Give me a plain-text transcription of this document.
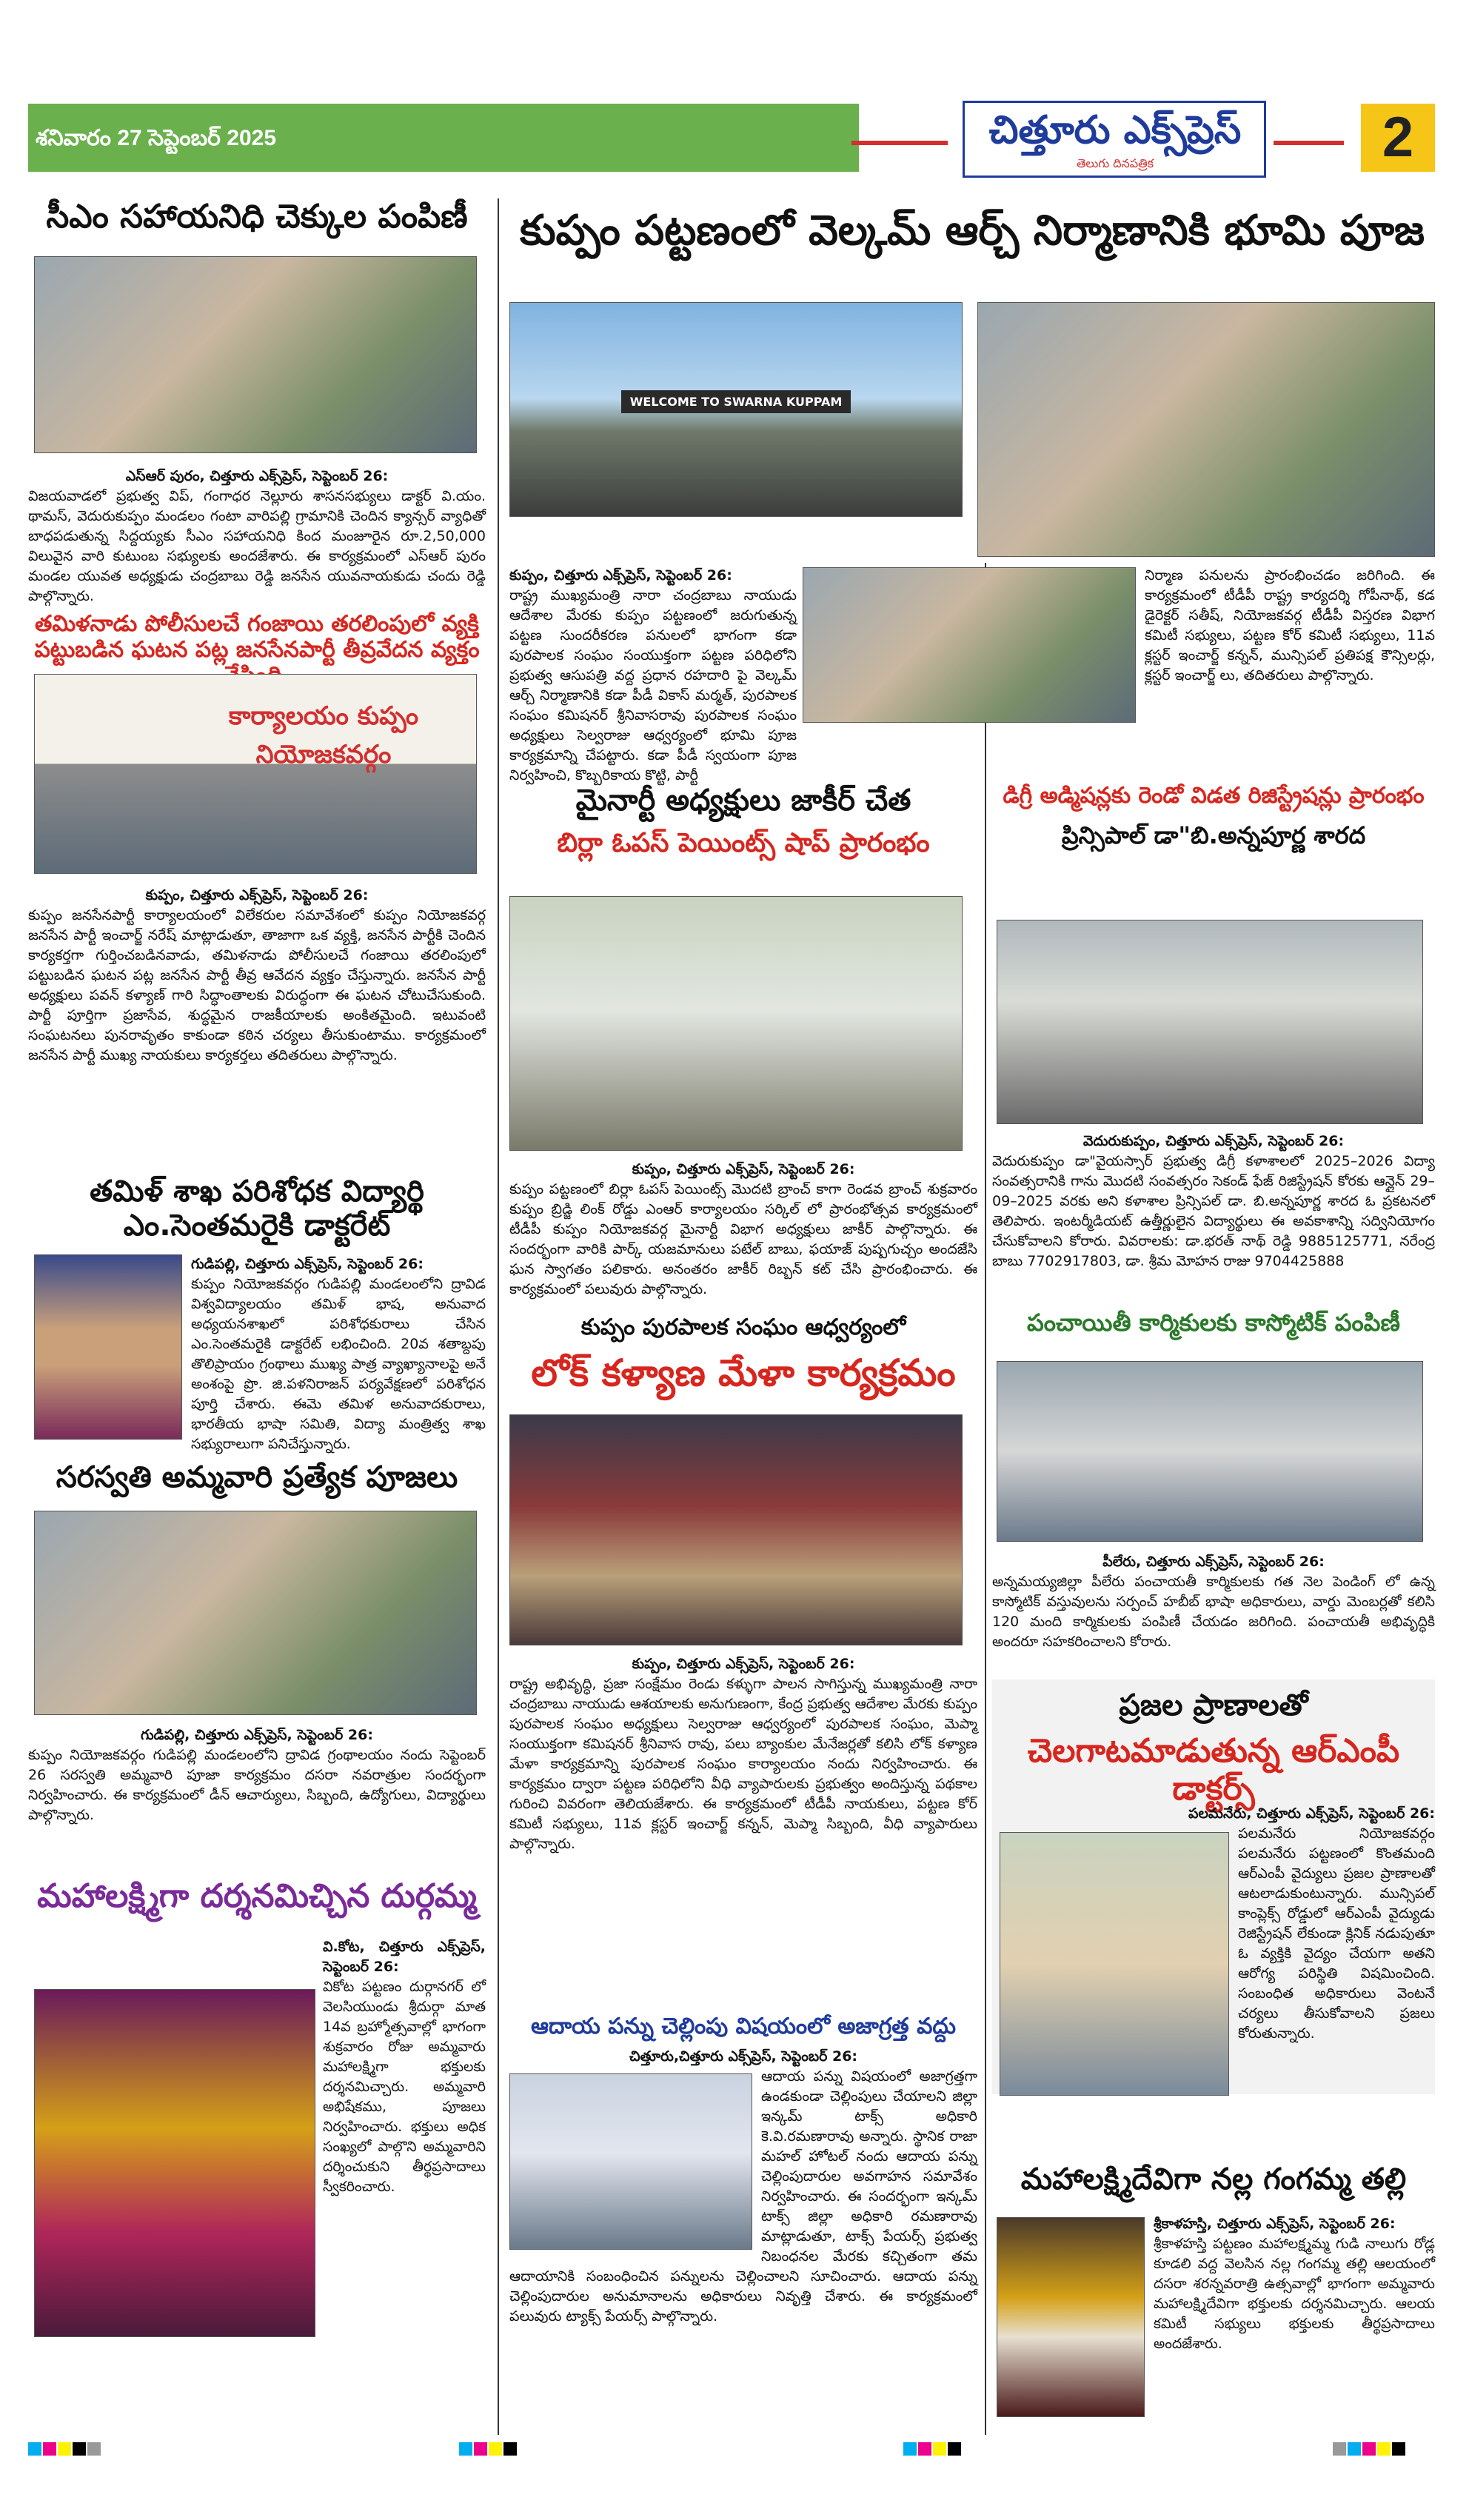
శనివారం 27 సెప్టెంబర్ 2025	చిత్తూరు ఎక్స్‌ప్రెస్
తెలుగు దినపత్రిక	2
సీఎం సహాయనిధి చెక్కుల పంపిణీ
ఎస్ఆర్ పురం, చిత్తూరు ఎక్స్‌ప్రెస్, సెప్టెంబర్ 26:
విజయవాడలో ప్రభుత్వ విప్, గంగాధర నెల్లూరు శాసనసభ్యులు డాక్టర్ వి.యం. థామస్, వెదురుకుప్పం మండలం గంటా వారిపల్లి గ్రామానికి చెందిన క్యాన్సర్ వ్యాధితో బాధపడుతున్న సిద్దయ్యకు సీఎం సహాయనిధి కింద మంజూరైన రూ.2,50,000 విలువైన వారి కుటుంబ సభ్యులకు అందజేశారు. ఈ కార్యక్రమంలో ఎస్ఆర్ పురం మండల యువత అధ్యక్షుడు చంద్రబాబు రెడ్డి జనసేన యువనాయకుడు చందు రెడ్డి పాల్గొన్నారు.
తమిళనాడు పోలీసులచే గంజాయి తరలింపులో వ్యక్తి పట్టుబడిన ఘటన పట్ల జనసేనపార్టీ తీవ్రవేదన వ్యక్తం
కార్యాలయం కుప్పం నియోజకవర్గం
కుప్పం, చిత్తూరు ఎక్స్‌ప్రెస్, సెప్టెంబర్ 26:
కుప్పం జనసేనపార్టీ కార్యాలయంలో విలేకరుల సమావేశంలో కుప్పం నియోజకవర్గ జనసేన పార్టీ ఇంచార్జ్ నరేష్ మాట్లాడుతూ, తాజాగా ఒక వ్యక్తి, జనసేన పార్టీకి చెందిన కార్యకర్తగా గుర్తించబడినవాడు, తమిళనాడు పోలీసులచే గంజాయి తరలింపులో పట్టుబడిన ఘటన పట్ల జనసేన పార్టీ తీవ్ర ఆవేదన వ్యక్తం చేస్తున్నారు. జనసేన పార్టీ అధ్యక్షులు పవన్ కళ్యాణ్ గారి సిద్ధాంతాలకు విరుద్ధంగా ఈ ఘటన చోటుచేసుకుంది. పార్టీ పూర్తిగా ప్రజాసేవ, శుద్ధమైన రాజకీయాలకు అంకితమైంది. ఇటువంటి సంఘటనలు పునరావృతం కాకుండా కఠిన చర్యలు తీసుకుంటాము. కార్యక్రమంలో జనసేన పార్టీ ముఖ్య నాయకులు కార్యకర్తలు తదితరులు పాల్గొన్నారు.
తమిళ్ శాఖ పరిశోధక విద్యార్థి ఎం.సెంతమరైకి డాక్టరేట్
గుడిపల్లి, చిత్తూరు ఎక్స్‌ప్రెస్, సెప్టెంబర్ 26:
కుప్పం నియోజకవర్గం గుడిపల్లి మండలంలోని ద్రావిడ విశ్వవిద్యాలయం తమిళ్ భాష, అనువాద అధ్యయనశాఖలో పరిశోధకురాలు చేసిన ఎం.సెంతమరైకి డాక్టరేట్ లభించింది. 20వ శతాబ్దపు తొలిప్రాయం గ్రంథాలు ముఖ్య పాత్ర వ్యాఖ్యానాలపై అనే అంశంపై ప్రొ. జి.పళనిరాజన్ పర్యవేక్షణలో పరిశోధన పూర్తి చేశారు. ఈమె తమిళ అనువాదకురాలు, భారతీయ భాషా సమితి, విద్యా మంత్రిత్వ శాఖ సభ్యురాలుగా పనిచేస్తున్నారు.
సరస్వతి అమ్మవారి ప్రత్యేక పూజలు
గుడిపల్లి, చిత్తూరు ఎక్స్‌ప్రెస్, సెప్టెంబర్ 26:
కుప్పం నియోజకవర్గం గుడిపల్లి మండలంలోని ద్రావిడ గ్రంథాలయం నందు సెప్టెంబర్ 26 సరస్వతి అమ్మవారి పూజా కార్యక్రమం దసరా నవరాత్రుల సందర్భంగా నిర్వహించారు. ఈ కార్యక్రమంలో డీన్ ఆచార్యులు, సిబ్బంది, ఉద్యోగులు, విద్యార్థులు పాల్గొన్నారు.
మహాలక్ష్మిగా దర్శనమిచ్చిన దుర్గమ్మ
వి.కోట, చిత్తూరు ఎక్స్‌ప్రెస్, సెప్టెంబర్ 26:
వికోట పట్టణం దుర్గానగర్ లో వెలసియుండు శ్రీదుర్గా మాత 14వ బ్రహ్మోత్సవాల్లో భాగంగా శుక్రవారం రోజు అమ్మవారు మహాలక్ష్మిగా భక్తులకు దర్శనమిచ్చారు. అమ్మవారి అభిషేకము, పూజలు నిర్వహించారు. భక్తులు అధిక సంఖ్యలో పాల్గొని అమ్మవారిని దర్శించుకుని తీర్థప్రసాదాలు స్వీకరించారు.
కుప్పం పట్టణంలో వెల్కమ్ ఆర్చ్ నిర్మాణానికి భూమి పూజ
WELCOME TO SWARNA KUPPAM
కుప్పం, చిత్తూరు ఎక్స్‌ప్రెస్, సెప్టెంబర్ 26:
రాష్ట్ర ముఖ్యమంత్రి నారా చంద్రబాబు నాయుడు ఆదేశాల మేరకు కుప్పం పట్టణంలో జరుగుతున్న పట్టణ సుందరీకరణ పనులలో భాగంగా కడా పురపాలక సంఘం సంయుక్తంగా పట్టణ పరిధిలోని ప్రభుత్వ ఆసుపత్రి వద్ద ప్రధాన రహదారి పై వెల్కమ్ ఆర్చ్ నిర్మాణానికి కడా పీడీ వికాస్ మర్మత్, పురపాలక సంఘం కమిషనర్ శ్రీనివాసరావు పురపాలక సంఘం అధ్యక్షులు సెల్వరాజు ఆధ్వర్యంలో భూమి పూజ కార్యక్రమాన్ని చేపట్టారు. కడా పీడీ స్వయంగా పూజ నిర్వహించి, కొబ్బరికాయ కొట్టి, పార్టీ
నిర్మాణ పనులను ప్రారంభించడం జరిగింది. ఈ కార్యక్రమంలో టీడీపీ రాష్ట్ర కార్యదర్శి గోపీనాథ్, కడ డైరెక్టర్ సతీష్, నియోజకవర్గ టీడీపీ విస్తరణ విభాగ కమిటీ సభ్యులు, పట్టణ కోర్ కమిటీ సభ్యులు, 11వ క్లస్టర్ ఇంచార్జ్ కన్నన్, మున్సిపల్ ప్రతిపక్ష కౌన్సిలర్లు, క్లస్టర్ ఇంచార్జ్ లు, తదితరులు పాల్గొన్నారు.
మైనార్టీ అధ్యక్షులు జాకీర్ చేత
బిర్లా ఓపస్ పెయింట్స్ షాప్ ప్రారంభం
కుప్పం, చిత్తూరు ఎక్స్‌ప్రెస్, సెప్టెంబర్ 26:
కుప్పం పట్టణంలో బిర్లా ఓపస్ పెయింట్స్ మొదటి బ్రాంచ్ కాగా రెండవ బ్రాంచ్ శుక్రవారం కుప్పం బ్రిడ్జి లింక్ రోడ్డు ఎంఆర్ కార్యాలయం సర్కిల్ లో ప్రారంభోత్సవ కార్యక్రమంలో టీడీపీ కుప్పం నియోజకవర్గ మైనార్టీ విభాగ అధ్యక్షులు జాకీర్ పాల్గొన్నారు. ఈ సందర్భంగా వారికి పార్క్ యజమానులు పటేల్ బాబు, ఫయాజ్ పుష్పగుచ్చం అందజేసి ఘన స్వాగతం పలికారు. అనంతరం జాకీర్ రిబ్బన్ కట్ చేసి ప్రారంభించారు. ఈ కార్యక్రమంలో పలువురు పాల్గొన్నారు.
కుప్పం పురపాలక సంఘం ఆధ్వర్యంలో
లోక్ కళ్యాణ మేళా కార్యక్రమం
కుప్పం, చిత్తూరు ఎక్స్‌ప్రెస్, సెప్టెంబర్ 26:
రాష్ట్ర అభివృద్ధి, ప్రజా సంక్షేమం రెండు కళ్ళుగా పాలన సాగిస్తున్న ముఖ్యమంత్రి నారా చంద్రబాబు నాయుడు ఆశయాలకు అనుగుణంగా, కేంద్ర ప్రభుత్వ ఆదేశాల మేరకు కుప్పం పురపాలక సంఘం అధ్యక్షులు సెల్వరాజు ఆధ్వర్యంలో పురపాలక సంఘం, మెప్మా సంయుక్తంగా కమిషనర్ శ్రీనివాస రావు, పలు బ్యాంకుల మేనేజర్లతో కలిసి లోక్ కళ్యాణ మేళా కార్యక్రమాన్ని పురపాలక సంఘం కార్యాలయం నందు నిర్వహించారు. ఈ కార్యక్రమం ద్వారా పట్టణ పరిధిలోని వీధి వ్యాపారులకు ప్రభుత్వం అందిస్తున్న పథకాల గురించి వివరంగా తెలియజేశారు. ఈ కార్యక్రమంలో టీడీపీ నాయకులు, పట్టణ కోర్ కమిటీ సభ్యులు, 11వ క్లస్టర్ ఇంచార్జ్ కన్నన్, మెప్మా సిబ్బంది, వీధి వ్యాపారులు పాల్గొన్నారు.
ఆదాయ పన్ను చెల్లింపు విషయంలో అజాగ్రత్త వద్దు
చిత్తూరు,చిత్తూరు ఎక్స్‌ప్రెస్, సెప్టెంబర్ 26:
ఆదాయ పన్ను విషయంలో అజాగ్రత్తగా ఉండకుండా చెల్లింపులు చేయాలని జిల్లా ఇన్కమ్ టాక్స్ అధికారి కె.వి.రమణారావు అన్నారు. స్థానిక రాజా మహల్ హోటల్ నందు ఆదాయ పన్ను చెల్లింపుదారుల అవగాహన సమావేశం నిర్వహించారు. ఈ సందర్భంగా ఇన్కమ్ టాక్స్ జిల్లా అధికారి రమణారావు మాట్లాడుతూ, టాక్స్ పేయర్స్ ప్రభుత్వ నిబంధనల మేరకు కచ్చితంగా తమ ఆదాయానికి సంబంధించిన పన్నులను చెల్లించాలని సూచించారు. ఆదాయ పన్ను చెల్లింపుదారుల అనుమానాలను అధికారులు నివృత్తి చేశారు. ఈ కార్యక్రమంలో పలువురు ట్యాక్స్ పేయర్స్ పాల్గొన్నారు.
డిగ్రీ అడ్మిషన్లకు రెండో విడత రిజిస్ట్రేషన్లు ప్రారంభం
ప్రిన్సిపాల్ డా"బి.అన్నపూర్ణ శారద
వెదురుకుప్పం, చిత్తూరు ఎక్స్‌ప్రెస్, సెప్టెంబర్ 26:
వెదురుకుప్పం డా"వైయస్సార్ ప్రభుత్వ డిగ్రీ కళాశాలలో 2025–2026 విద్యా సంవత్సరానికి గాను మొదటి సంవత్సరం సెకండ్ ఫేజ్ రిజిస్ట్రేషన్ కోరకు ఆన్లైన్ 29–09–2025 వరకు అని కళాశాల ప్రిన్సిపల్ డా. బి.అన్నపూర్ణ శారద ఓ ప్రకటనలో తెలిపారు. ఇంటర్మీడియట్ ఉత్తీర్ణులైన విద్యార్థులు ఈ అవకాశాన్ని సద్వినియోగం చేసుకోవాలని కోరారు. వివరాలకు: డా.భరత్ నాథ్ రెడ్డి 9885125771, నరేంద్ర బాబు 7702917803, డా. శ్రీమ మోహన రాజు 9704425888
పంచాయితీ కార్మికులకు కాస్మోటిక్ పంపిణీ
పీలేరు, చిత్తూరు ఎక్స్‌ప్రెస్, సెప్టెంబర్ 26:
అన్నమయ్యజిల్లా పీలేరు పంచాయతీ కార్మికులకు గత నెల పెండింగ్ లో ఉన్న కాస్మోటిక్ వస్తువులను సర్పంచ్ హబీబ్ భాషా అధికారులు, వార్డు మెంబర్లతో కలిసి 120 మంది కార్మికులకు పంపిణీ చేయడం జరిగింది. పంచాయతీ అభివృద్ధికి అందరూ సహకరించాలని కోరారు.
ప్రజల ప్రాణాలతో
చెలగాటమాడుతున్న ఆర్ఎంపీ డాక్టర్స్
పలమనేరు, చిత్తూరు ఎక్స్‌ప్రెస్, సెప్టెంబర్ 26:
పలమనేరు నియోజకవర్గం పలమనేరు పట్టణంలో కొంతమంది ఆర్ఎంపీ వైద్యులు ప్రజల ప్రాణాలతో ఆటలాడుకుంటున్నారు. మున్సిపల్ కాంప్లెక్స్ రోడ్డులో ఆర్ఎంపీ వైద్యుడు రెజిస్ట్రేషన్ లేకుండా క్లినిక్ నడుపుతూ ఓ వ్యక్తికి వైద్యం చేయగా అతని ఆరోగ్య పరిస్థితి విషమించింది. సంబంధిత అధికారులు వెంటనే చర్యలు తీసుకోవాలని ప్రజలు కోరుతున్నారు.
మహాలక్ష్మిదేవిగా నల్ల గంగమ్మ తల్లి
శ్రీకాళహస్తి, చిత్తూరు ఎక్స్‌ప్రెస్, సెప్టెంబర్ 26:
శ్రీకాళహస్తి పట్టణం మహాలక్ష్మమ్మ గుడి నాలుగు రోడ్ల కూడలి వద్ద వెలసిన నల్ల గంగమ్మ తల్లి ఆలయంలో దసరా శరన్నవరాత్రి ఉత్సవాల్లో భాగంగా అమ్మవారు మహాలక్ష్మిదేవిగా భక్తులకు దర్శనమిచ్చారు. ఆలయ కమిటీ సభ్యులు భక్తులకు తీర్థప్రసాదాలు అందజేశారు.
